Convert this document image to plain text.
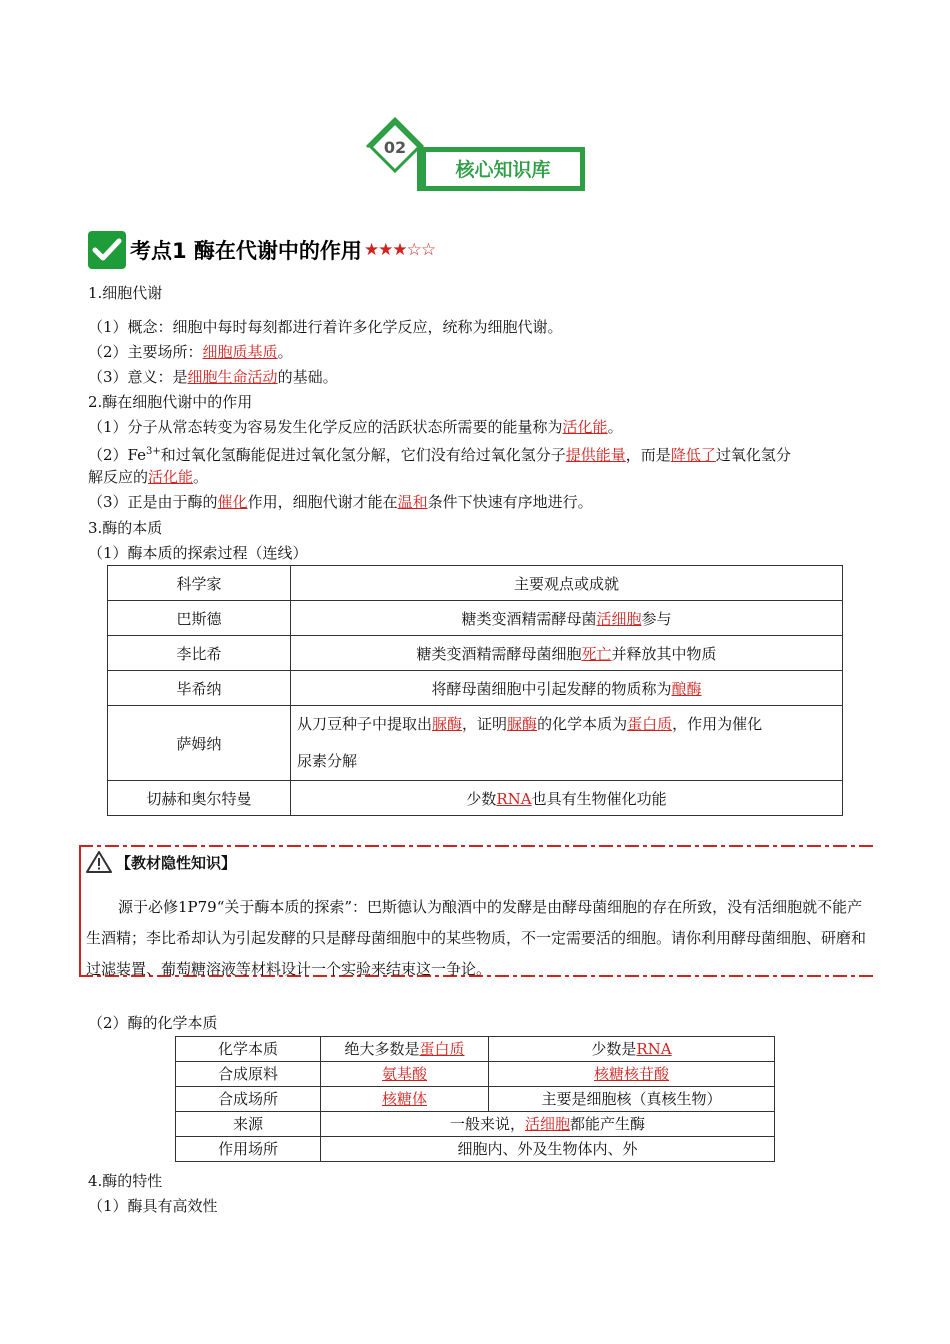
02
核心知识库
考点1 酶在代谢中的作用 ★★★☆☆
1.细胞代谢
（1）概念：细胞中每时每刻都进行着许多化学反应，统称为细胞代谢。
（2）主要场所：细胞质基质。
（3）意义：是细胞生命活动的基础。
2.酶在细胞代谢中的作用
（1）分子从常态转变为容易发生化学反应的活跃状态所需要的能量称为活化能。
$(2)Fe^{3+}$和过氧化氢酶能促进过氧化氢分解，它们没有给过氧化氢分子提供能量，而是降低了过氧化氢分
解反应的活化能。
（3）正是由于酶的催化作用，细胞代谢才能在温和条件下快速有序地进行。
3.酶的本质
（1）酶本质的探索过程（连线）
科学家	主要观点或成就
巴斯德	糖类变酒精需酵母菌活细胞参与
李比希	糖类变酒精需酵母菌细胞死亡并释放其中物质
毕希纳	将酵母菌细胞中引起发酵的物质称为酿酶
萨姆纳	从刀豆种子中提取出脲酶，证明脲酶的化学本质为蛋白质，作用为催化
尿素分解
切赫和奥尔特曼	少数RNA也具有生物催化功能
【教材隐性知识】
源于必修1P79“关于酶本质的探索”：巴斯德认为酿酒中的发酵是由酵母菌细胞的存在所致，没有活细胞就不能产生酒精；李比希却认为引起发酵的只是酵母菌细胞中的某些物质，不一定需要活的细胞。请你利用酵母菌细胞、研磨和过滤装置、葡萄糖溶液等材料设计一个实验来结束这一争论。
（2）酶的化学本质
化学本质	绝大多数是蛋白质	少数是RNA
合成原料	氨基酸	核糖核苷酸
合成场所	核糖体	主要是细胞核（真核生物）
来源	一般来说，活细胞都能产生酶	
作用场所	细胞内、外及生物体内、外	
4.酶的特性
（1）酶具有高效性
